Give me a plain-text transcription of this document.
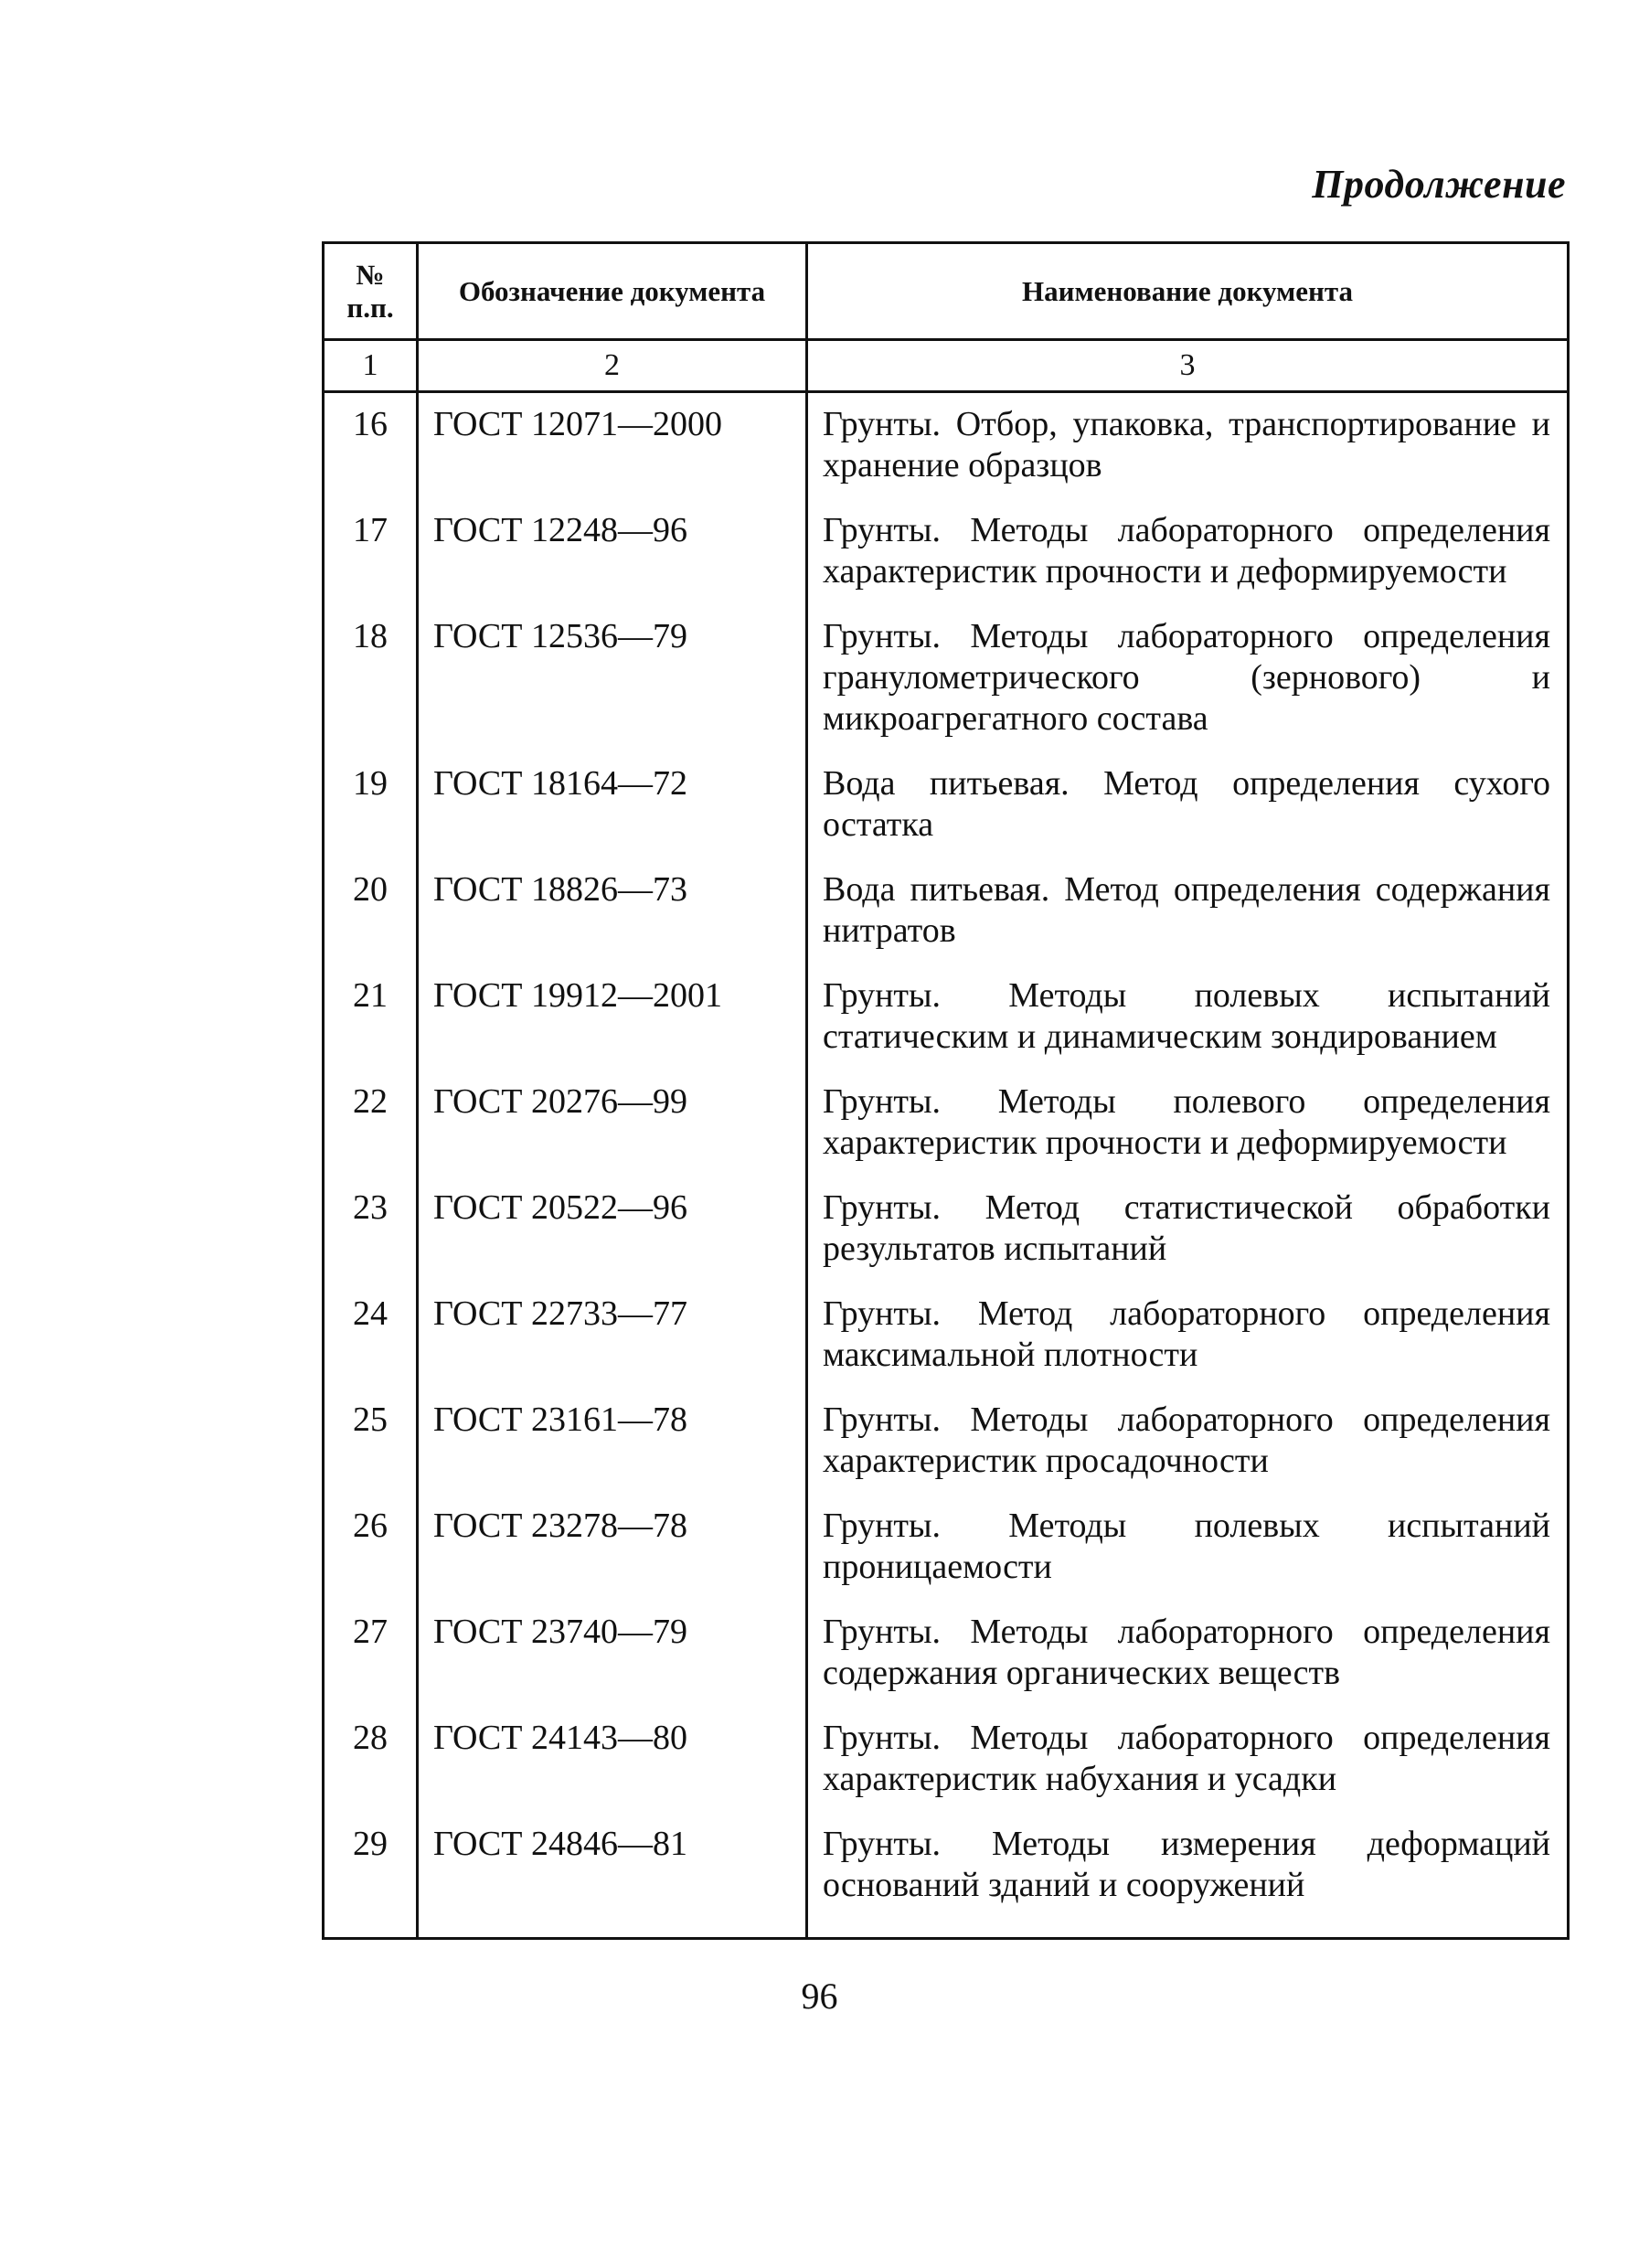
Продолжение
№ п.п.	Обозначение документа	Наименование документа
1	2	3
16	ГОСТ 12071—2000	Грунты. Отбор, упаковка, транспортирование и хранение образцов
17	ГОСТ 12248—96	Грунты. Методы лабораторного определения характеристик прочности и деформируемости
18	ГОСТ 12536—79	Грунты. Методы лабораторного определения гранулометрического (зернового) и микроагрегатного состава
19	ГОСТ 18164—72	Вода питьевая. Метод определения сухого остатка
20	ГОСТ 18826—73	Вода питьевая. Метод определения содержания нитратов
21	ГОСТ 19912—2001	Грунты. Методы полевых испытаний статическим и динамическим зондированием
22	ГОСТ 20276—99	Грунты. Методы полевого определения характеристик прочности и деформируемости
23	ГОСТ 20522—96	Грунты. Метод статистической обработки результатов испытаний
24	ГОСТ 22733—77	Грунты. Метод лабораторного определения максимальной плотности
25	ГОСТ 23161—78	Грунты. Методы лабораторного определения характеристик просадочности
26	ГОСТ 23278—78	Грунты. Методы полевых испытаний проницаемости
27	ГОСТ 23740—79	Грунты. Методы лабораторного определения содержания органических веществ
28	ГОСТ 24143—80	Грунты. Методы лабораторного определения характеристик набухания и усадки
29	ГОСТ 24846—81	Грунты. Методы измерения деформаций оснований зданий и сооружений
96
